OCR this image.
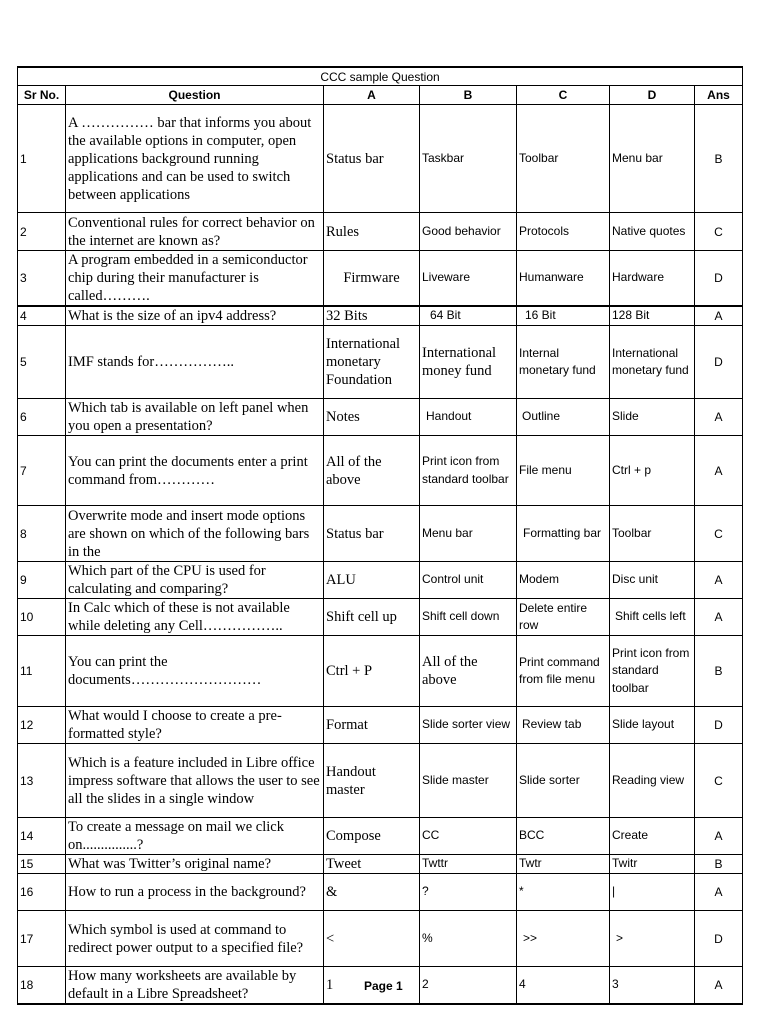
CCC sample Question						
Sr No.	Question	A	B	C	D	Ans
1	A …………… bar that informs you about the available options in computer, open applications background running applications and can be used to switch between applications	Status bar	Taskbar	Toolbar	Menu bar	B
2	Conventional rules for correct behavior on the internet are known as?	Rules	Good behavior	Protocols	Native quotes	C
3	A program embedded in a semiconductor chip during their manufacturer is called……….	Firmware	Liveware	Humanware	Hardware	D
4	What is the size of an ipv4 address?	32 Bits	64 Bit	16 Bit	128 Bit	A
5	IMF stands for……………..	International monetary Foundation	International money fund	Internal monetary fund	International monetary fund	D
6	Which tab is available on left panel when you open a presentation?	Notes	Handout	Outline	Slide	A
7	You can print the documents enter a print command from…………	All of the above	Print icon from standard toolbar	File menu	Ctrl + p	A
8	Overwrite mode and insert mode options are shown on which of the following bars in the	Status bar	Menu bar	Formatting bar	Toolbar	C
9	Which part of the CPU is used for calculating and comparing?	ALU	Control unit	Modem	Disc unit	A
10	In Calc which of these is not available while deleting any Cell……………..	Shift cell up	Shift cell down	Delete entire row	Shift cells left	A
11	You can print the documents………………………	Ctrl + P	All of the above	Print command from file menu	Print icon from standard toolbar	B
12	What would I choose to create a pre-formatted style?	Format	Slide sorter view	Review tab	Slide layout	D
13	Which is a feature included in Libre office impress software that allows the user to see all the slides in a single window	Handout master	Slide master	Slide sorter	Reading view	C
14	To create a message on mail we click on...............?	Compose	CC	BCC	Create	A
15	What was Twitter’s original name?	Tweet	Twttr	Twtr	Twitr	B
16	How to run a process in the background?	&	?	*	|	A
17	Which symbol is used at command to redirect power output to a specified file?	<	%	>>	>	D
18	How many worksheets are available by default in a Libre Spreadsheet?	1	2	4	3	A
Page 1
